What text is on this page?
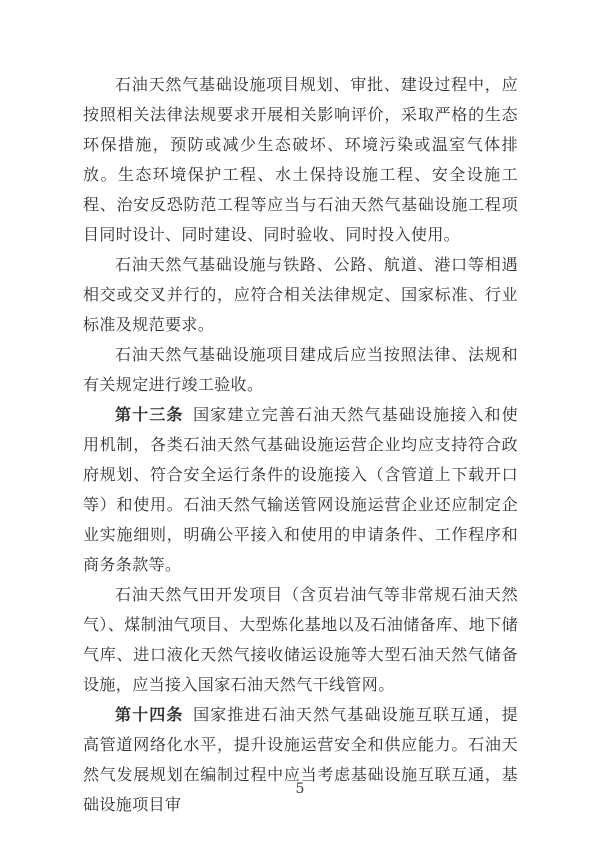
石油天然气基础设施项目规划、审批、建设过程中，应按照相关法律法规要求开展相关影响评价，采取严格的生态环保措施，预防或减少生态破坏、环境污染或温室气体排放。生态环境保护工程、水土保持设施工程、安全设施工程、治安反恐防范工程等应当与石油天然气基础设施工程项目同时设计、同时建设、同时验收、同时投入使用。

石油天然气基础设施与铁路、公路、航道、港口等相遇相交或交叉并行的，应符合相关法律规定、国家标准、行业标准及规范要求。

石油天然气基础设施项目建成后应当按照法律、法规和有关规定进行竣工验收。

第十三条 国家建立完善石油天然气基础设施接入和使用机制，各类石油天然气基础设施运营企业均应支持符合政府规划、符合安全运行条件的设施接入（含管道上下载开口等）和使用。石油天然气输送管网设施运营企业还应制定企业实施细则，明确公平接入和使用的申请条件、工作程序和商务条款等。

石油天然气田开发项目（含页岩油气等非常规石油天然气）、煤制油气项目、大型炼化基地以及石油储备库、地下储气库、进口液化天然气接收储运设施等大型石油天然气储备设施，应当接入国家石油天然气干线管网。

第十四条 国家推进石油天然气基础设施互联互通，提高管道网络化水平，提升设施运营安全和供应能力。石油天然气发展规划在编制过程中应当考虑基础设施互联互通，基础设施项目审

5
